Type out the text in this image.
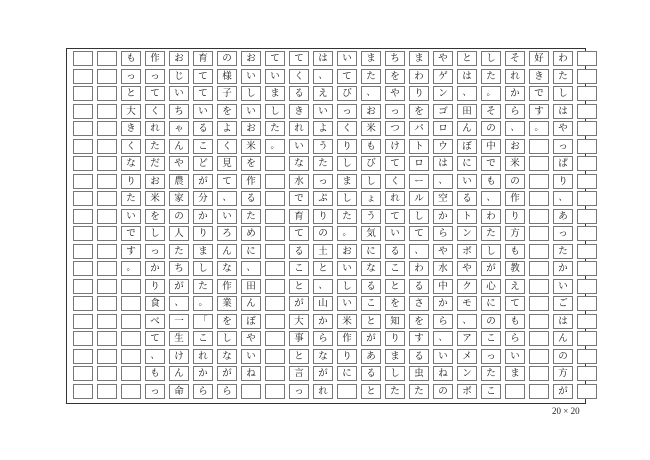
も
っ
と
大
き
く
な
り
た
い
で
す
。
作
っ
て
く
れ
た
だ
お
米
を
し
っ
か
り
食
べ
て
、
も
っ
お
じ
い
ち
ゃ
ん
や
農
家
の
人
た
ち
が
、
一
生
け
ん
命
育
て
て
い
る
こ
ど
が
分
か
り
ま
し
た
。
「
こ
れ
か
ら
の
様
子
を
よ
く
見
て
、
い
ろ
ん
な
作
業
を
し
な
が
ら
お
い
し
い
お
米
を
作
る
た
め
に
、
田
ん
ぼ
や
い
ね
て
い
ま
し
た
。
て
く
る
き
れ
い
な
水
で
育
て
る
こ
と
が
大
事
と
言
っ
は
、
え
い
よ
う
た
っ
ぷ
り
の
土
と
、
山
か
ら
な
が
れ
い
て
び
っ
く
り
し
ま
し
た
。
お
い
し
い
米
作
り
に
ま
た
、
お
米
も
び
し
ょ
う
気
に
な
る
こ
と
が
あ
る
と
ち
を
や
っ
つ
け
て
く
れ
て
い
る
こ
と
を
知
り
ま
し
た
ま
わ
り
を
パ
ト
ロ
ー
ル
し
て
、
わ
る
さ
を
す
る
虫
た
や
ゲ
ン
ゴ
ロ
ウ
は
、
空
か
ら
や
水
中
か
ら
、
い
ね
の
と
は
、
田
ん
ぼ
に
い
る
ト
ン
ボ
や
ク
モ
、
ア
メ
ン
ボ
し
た
。
そ
の
中
で
も
、
わ
た
し
が
心
に
の
こ
っ
た
こ
そ
れ
か
ら
、
お
米
の
作
り
方
も
教
え
て
も
ら
い
ま
好
き
で
す
。
わ
た
し
は
や
っ
ぱ
り
、
あ
っ
た
か
い
ご
は
ん
の
方
が
20 × 20
